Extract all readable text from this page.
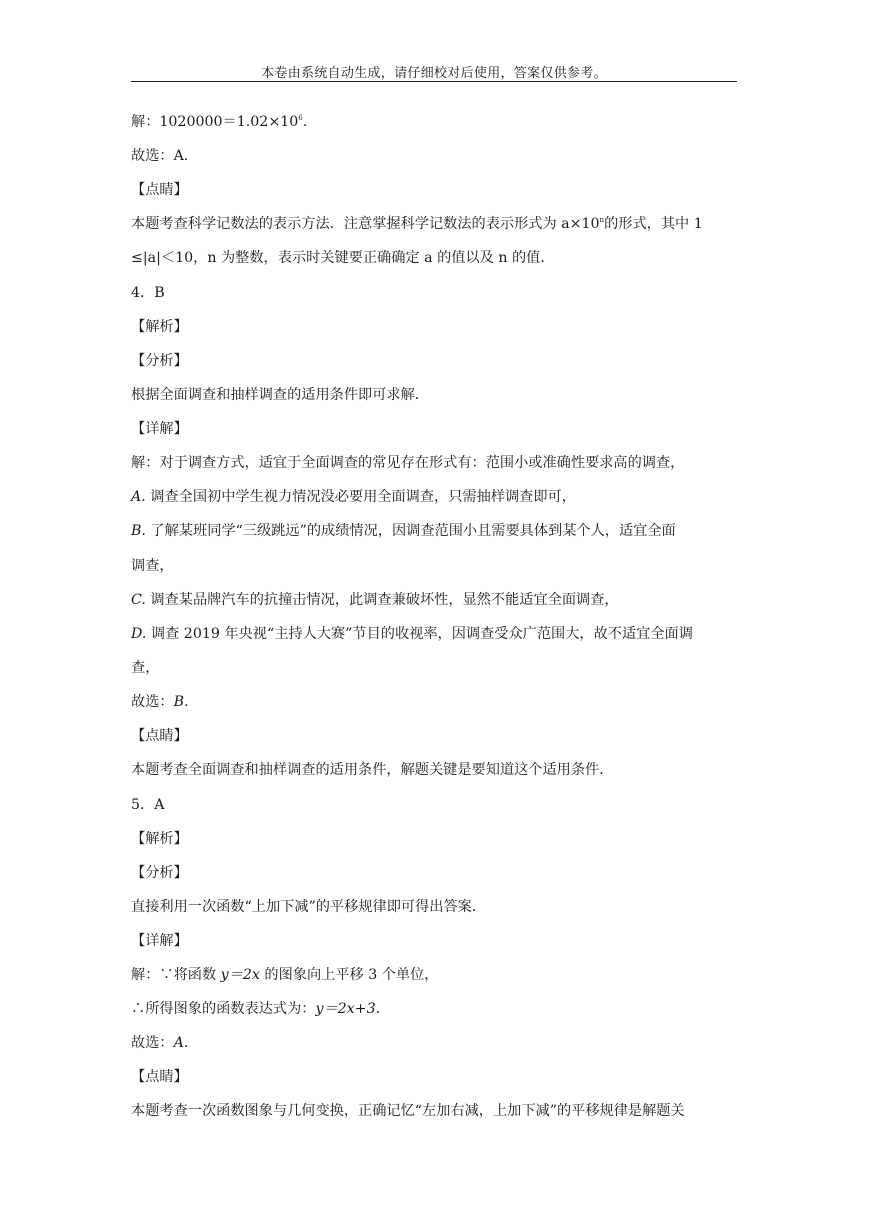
本卷由系统自动生成，请仔细校对后使用，答案仅供参考。
解：$1020000=1.02\times 10^6$.
故选：A.
【点睛】
本题考查科学记数法的表示方法．注意掌握科学记数法的表示形式为 $a\times 10^n$的形式，其中 1
≤|a|＜10，n 为整数，表示时关键要正确确定 a 的值以及 n 的值．
4．B
【解析】
【分析】
根据全面调查和抽样调查的适用条件即可求解．
【详解】
解：对于调查方式，适宜于全面调查的常见存在形式有：范围小或准确性要求高的调查，
A. 调查全国初中学生视力情况没必要用全面调查，只需抽样调查即可，
B. 了解某班同学“三级跳远”的成绩情况，因调查范围小且需要具体到某个人，适宜全面
调查，
C. 调查某品牌汽车的抗撞击情况，此调查兼破坏性，显然不能适宜全面调查，
D. 调查 2019 年央视“主持人大赛”节目的收视率，因调查受众广范围大，故不适宜全面调
查，
故选：B.
【点睛】
本题考查全面调查和抽样调查的适用条件，解题关键是要知道这个适用条件．
5．A
【解析】
【分析】
直接利用一次函数“上加下减”的平移规律即可得出答案．
【详解】
解：∵将函数 y＝2x 的图象向上平移 3 个单位，
∴所得图象的函数表达式为：y＝2x+3.
故选：A.
【点睛】
本题考查一次函数图象与几何变换，正确记忆“左加右减，上加下减”的平移规律是解题关
